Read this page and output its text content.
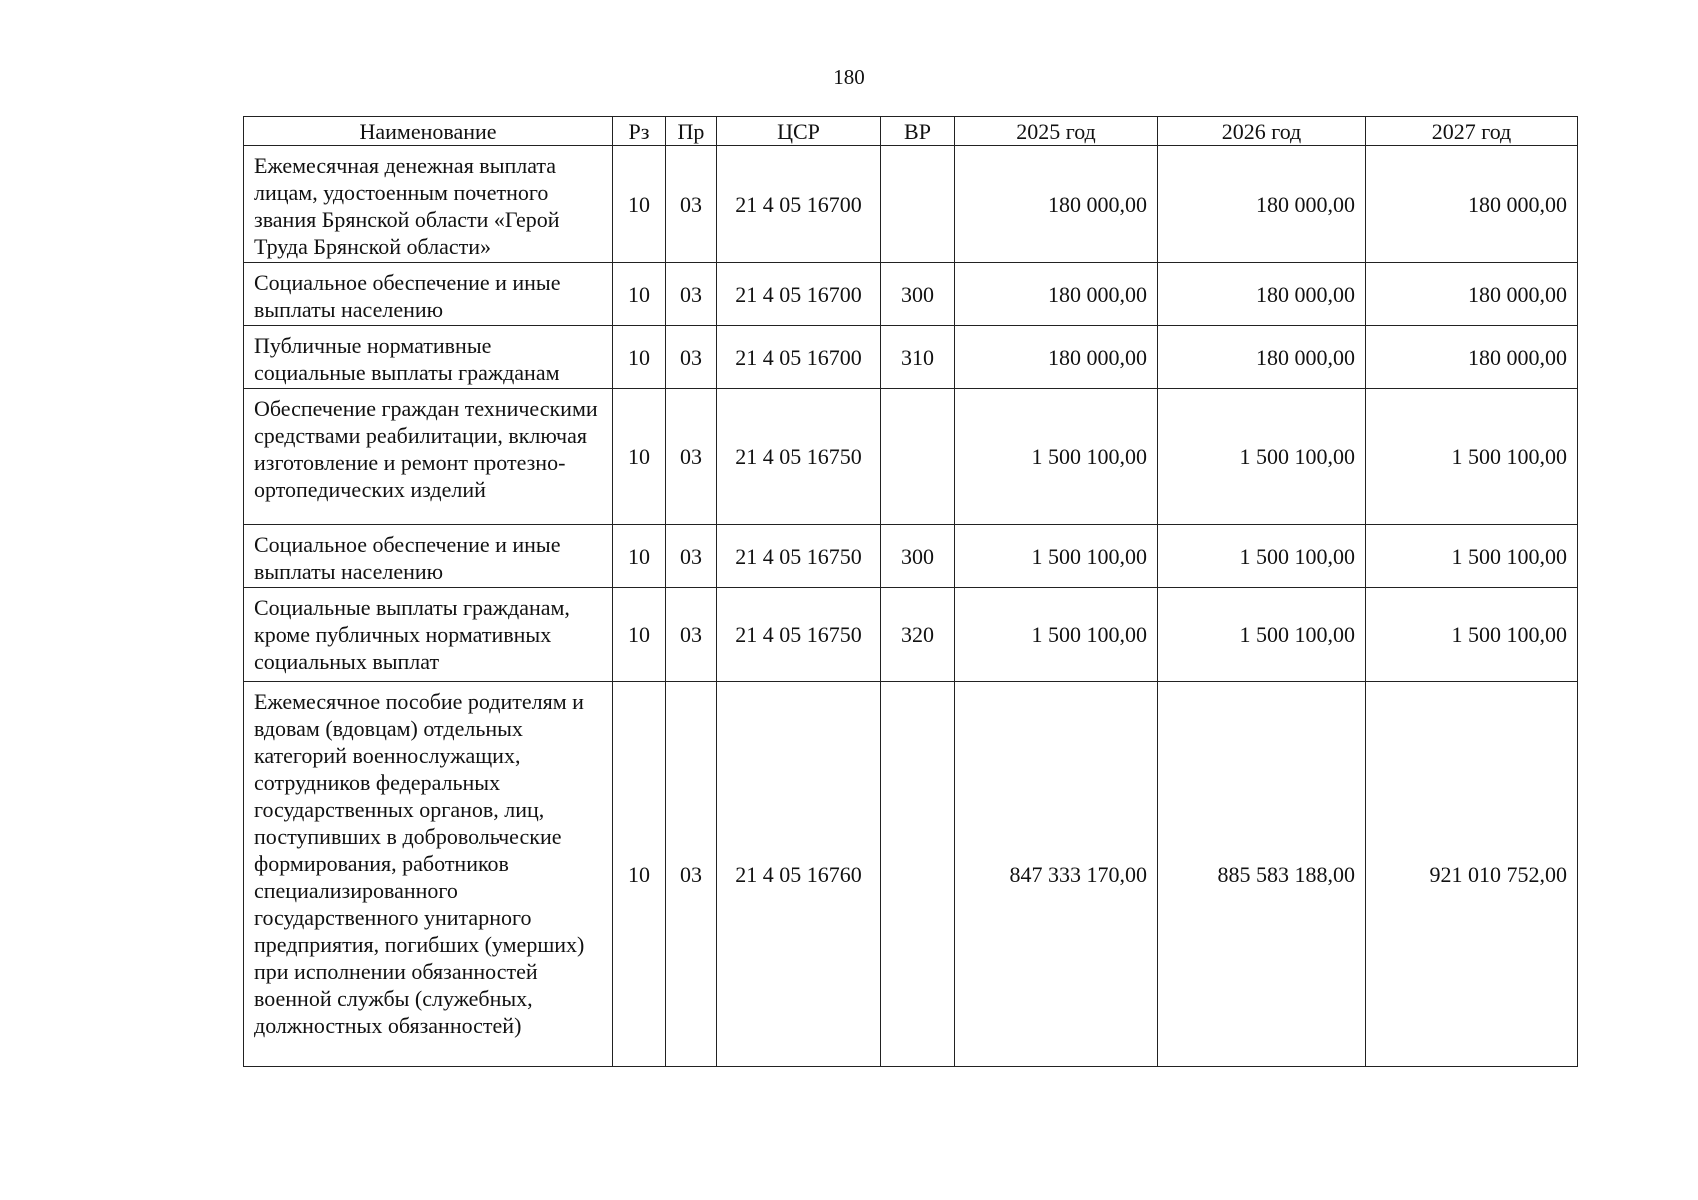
180
Наименование	Рз	Пр	ЦСР	ВР	2025 год	2026 год	2027 год
Ежемесячная денежная выплата лицам, удостоенным почетного звания Брянской области «Герой Труда Брянской области»	10	03	21 4 05 16700		180 000,00	180 000,00	180 000,00
Социальное обеспечение и иные выплаты населению	10	03	21 4 05 16700	300	180 000,00	180 000,00	180 000,00
Публичные нормативные социальные выплаты гражданам	10	03	21 4 05 16700	310	180 000,00	180 000,00	180 000,00
Обеспечение граждан техническими средствами реабилитации, включая изготовление и ремонт протезно-ортопедических изделий	10	03	21 4 05 16750		1 500 100,00	1 500 100,00	1 500 100,00
Социальное обеспечение и иные выплаты населению	10	03	21 4 05 16750	300	1 500 100,00	1 500 100,00	1 500 100,00
Социальные выплаты гражданам, кроме публичных нормативных социальных выплат	10	03	21 4 05 16750	320	1 500 100,00	1 500 100,00	1 500 100,00
Ежемесячное пособие родителям и вдовам (вдовцам) отдельных категорий военнослужащих, сотрудников федеральных государственных органов, лиц, поступивших в добровольческие формирования, работников специализированного государственного унитарного предприятия, погибших (умерших) при исполнении обязанностей военной службы (служебных, должностных обязанностей)	10	03	21 4 05 16760		847 333 170,00	885 583 188,00	921 010 752,00
